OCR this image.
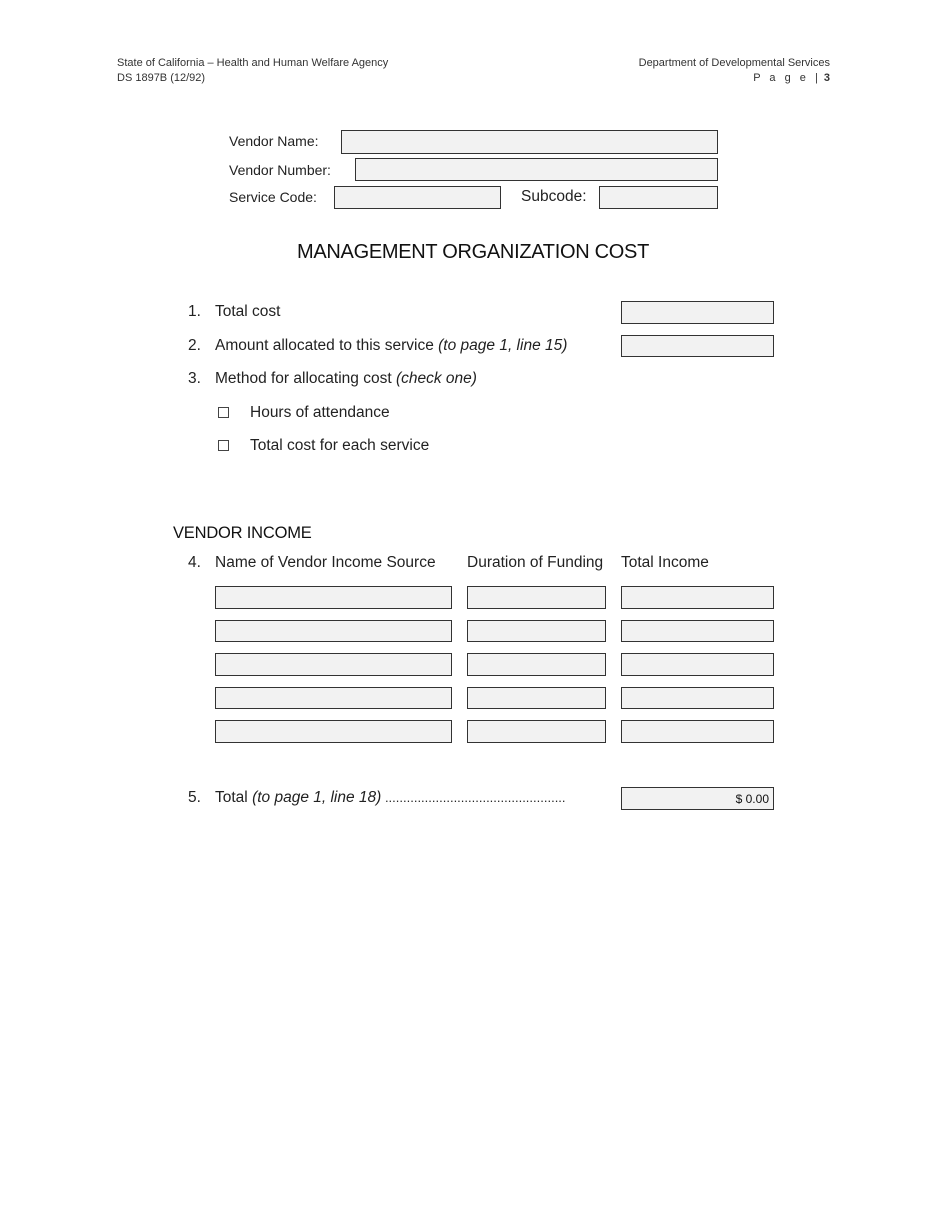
State of California – Health and Human Welfare Agency
DS 1897B (12/92)
Department of Developmental Services
P a g e | 3
Vendor Name:
Vendor Number:
Service Code:	Subcode:
MANAGEMENT ORGANIZATION COST
1. Total cost
2. Amount allocated to this service (to page 1, line 15)
3. Method for allocating cost (check one)
Hours of attendance
Total cost for each service
VENDOR INCOME
4. Name of Vendor Income Source Duration of Funding Total Income
5. Total (to page 1, line 18) ..................................................
$ 0.00
